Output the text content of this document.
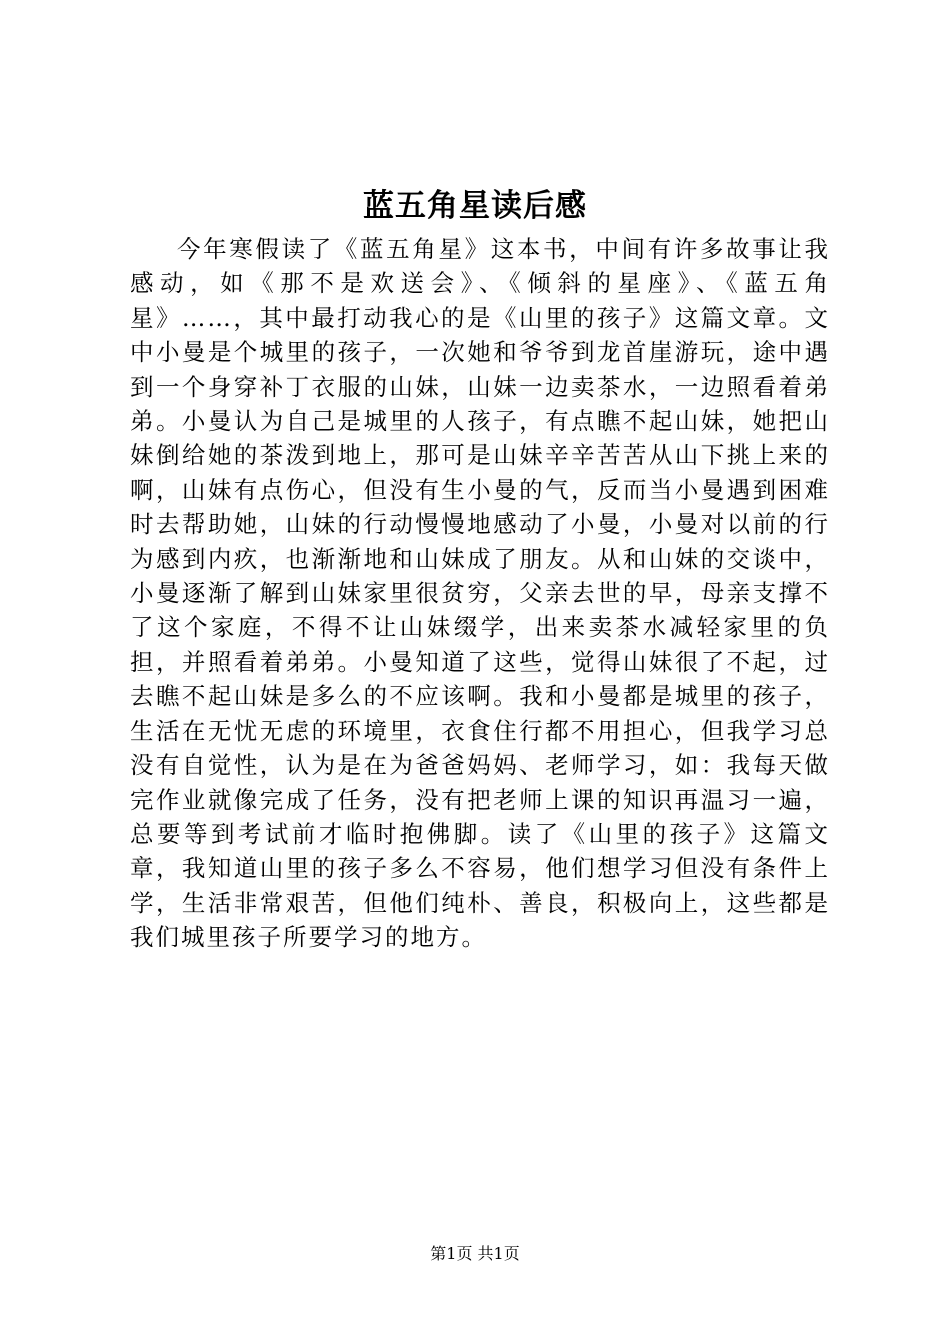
蓝五角星读后感

今年寒假读了《蓝五角星》这本书，中间有许多故事让我感动，如《那不是欢送会》、《倾斜的星座》、《蓝五角星》……，其中最打动我心的是《山里的孩子》这篇文章。文中小曼是个城里的孩子，一次她和爷爷到龙首崖游玩，途中遇到一个身穿补丁衣服的山妹，山妹一边卖茶水，一边照看着弟弟。小曼认为自己是城里的人孩子，有点瞧不起山妹，她把山妹倒给她的茶泼到地上，那可是山妹辛辛苦苦从山下挑上来的啊，山妹有点伤心，但没有生小曼的气，反而当小曼遇到困难时去帮助她，山妹的行动慢慢地感动了小曼，小曼对以前的行为感到内疚，也渐渐地和山妹成了朋友。从和山妹的交谈中，小曼逐渐了解到山妹家里很贫穷，父亲去世的早，母亲支撑不了这个家庭，不得不让山妹缀学，出来卖茶水减轻家里的负担，并照看着弟弟。小曼知道了这些，觉得山妹很了不起，过去瞧不起山妹是多么的不应该啊。我和小曼都是城里的孩子，生活在无忧无虑的环境里，衣食住行都不用担心，但我学习总没有自觉性，认为是在为爸爸妈妈、老师学习，如：我每天做完作业就像完成了任务，没有把老师上课的知识再温习一遍，总要等到考试前才临时抱佛脚。读了《山里的孩子》这篇文章，我知道山里的孩子多么不容易，他们想学习但没有条件上学，生活非常艰苦，但他们纯朴、善良，积极向上，这些都是我们城里孩子所要学习的地方。

第1页 共1页
